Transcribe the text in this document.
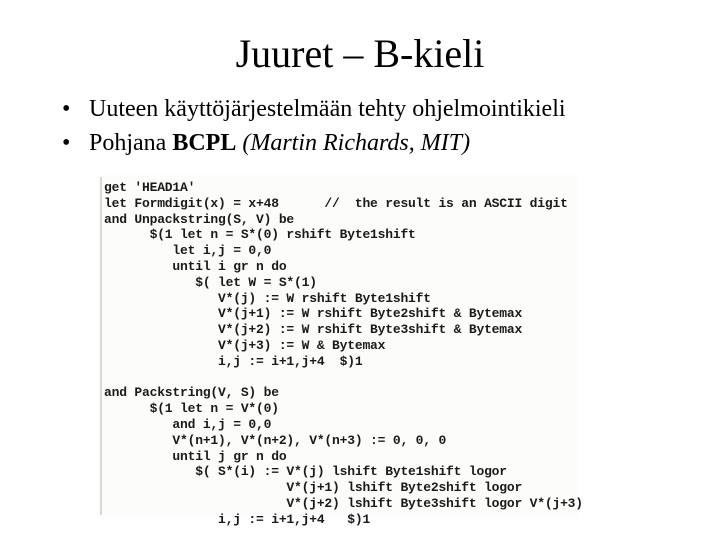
Juuret – B-kieli
• Uuteen käyttöjärjestelmään tehty ohjelmointikieli
• Pohjana BCPL (Martin Richards, MIT)
get 'HEAD1A'
let Formdigit(x) = x+48      //  the result is an ASCII digit
and Unpackstring(S, V) be
$(1 let n = S*(0) rshift Byte1shift
let i,j = 0,0
until i gr n do
$( let W = S*(1)
V*(j) := W rshift Byte1shift
V*(j+1) := W rshift Byte2shift & Bytemax
V*(j+2) := W rshift Byte3shift & Bytemax
V*(j+3) := W & Bytemax
i,j := i+1,j+4  $)1

and Packstring(V, S) be
$(1 let n = V*(0)
and i,j = 0,0
V*(n+1), V*(n+2), V*(n+3) := 0, 0, 0
until j gr n do
$( S*(i) := V*(j) lshift Byte1shift logor
V*(j+1) lshift Byte2shift logor
V*(j+2) lshift Byte3shift logor V*(j+3)
i,j := i+1,j+4   $)1
